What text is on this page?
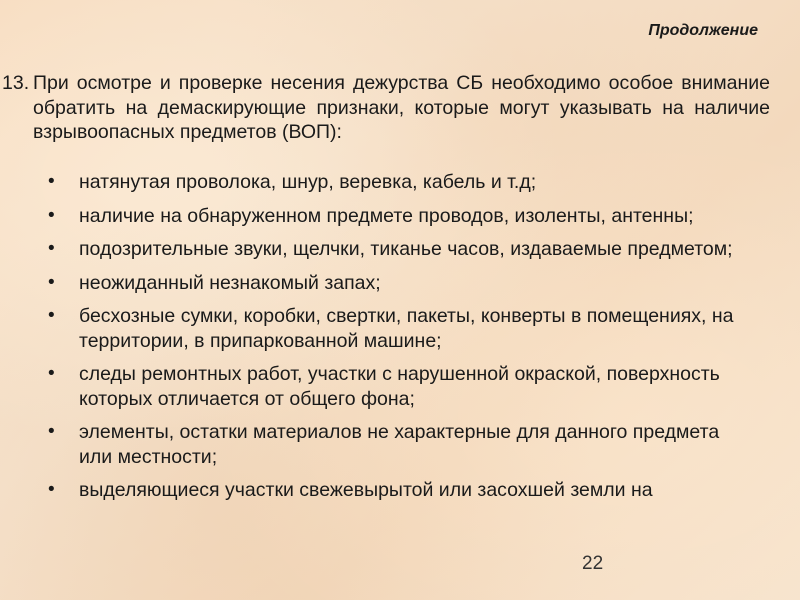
Продолжение
13. При осмотре и проверке несения дежурства СБ необходимо особое внимание обратить на демаскирующие признаки, которые могут указывать на наличие взрывоопасных предметов (ВОП):
•	натянутая проволока, шнур, веревка, кабель и т.д;
•	наличие на обнаруженном предмете проводов, изоленты, антенны;
•	подозрительные звуки, щелчки, тиканье часов, издаваемые предметом;
•	неожиданный незнакомый запах;
•	бесхозные сумки, коробки, свертки, пакеты, конверты в помещениях, на территории, в припаркованной машине;
•	следы ремонтных работ, участки с нарушенной окраской, поверхность которых отличается от общего фона;
•	элементы, остатки материалов не характерные для данного предмета или местности;
•	выделяющиеся участки свежевырытой или засохшей земли на
22
